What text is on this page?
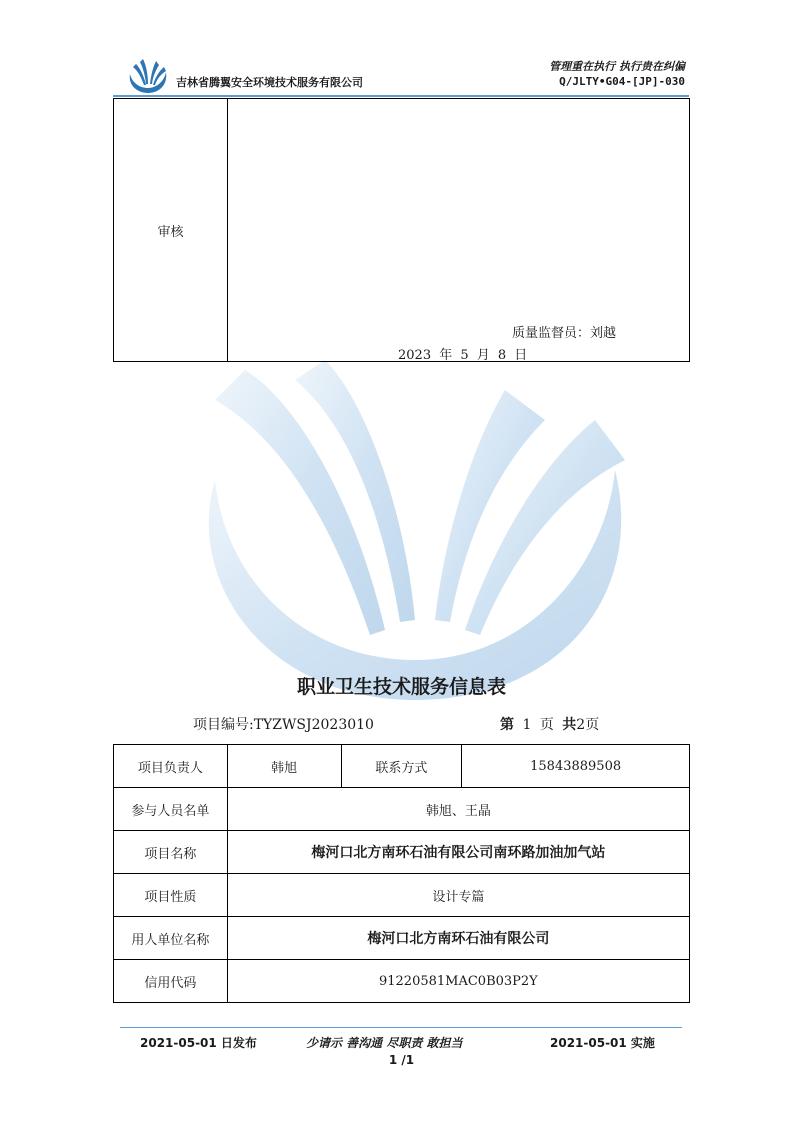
吉林省腾翼安全环境技术服务有限公司
管理重在执行 执行贵在纠偏
Q/JLTY•G04-[JP]-030
审核	
质量监督员：刘越
2023 年 5 月 8 日
职业卫生技术服务信息表
项目编号:TYZWSJ2023010	第 1 页 共2页
项目负责人	韩旭	联系方式	15843889508
参与人员名单	韩旭、王晶		
项目名称	梅河口北方南环石油有限公司南环路加油加气站		
项目性质	设计专篇		
用人单位名称	梅河口北方南环石油有限公司		
信用代码	91220581MAC0B03P2Y		
2021-05-01 日发布	少请示 善沟通 尽职责 敢担当	2021-05-01 实施
1 /1
